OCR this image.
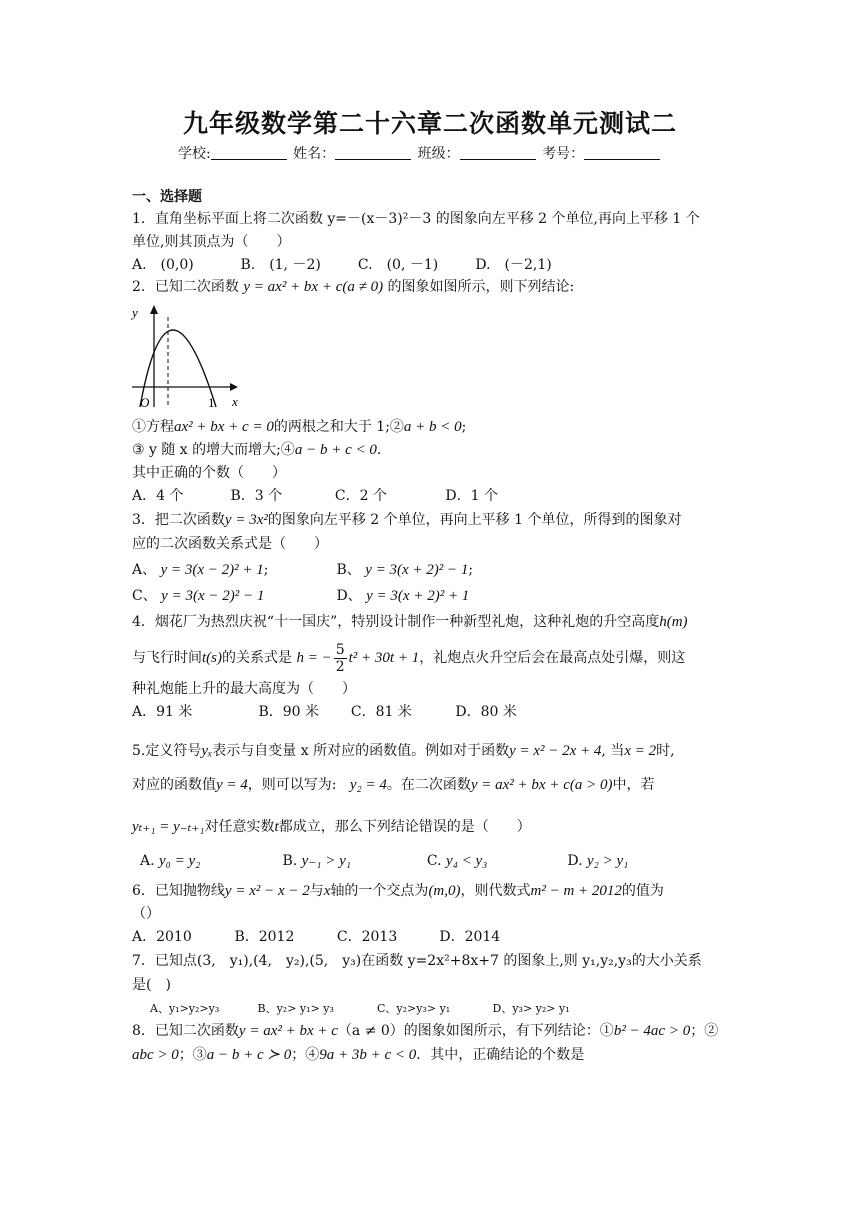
九年级数学第二十六章二次函数单元测试二
学校:	姓名：	班级：	考号：
一、选择题
1．直角坐标平面上将二次函数 y=－(x－3)²－3 的图象向左平移 2 个单位,再向上平移 1 个
单位,则其顶点为（　　）
A.　(0,0)	B.　(1, －2)	C.　(0, －1)	D.　(－2,1)
2．已知二次函数 y = ax² + bx + c(a ≠ 0) 的图象如图所示，则下列结论:
y
x
O	1
①方程ax² + bx + c = 0的两根之和大于 1;②a + b < 0;
③ y 随 x 的增大而增大;④a − b + c < 0.
其中正确的个数（　　）
A．4 个	B．3 个	C．2 个	D．1 个
3．把二次函数y = 3x²的图象向左平移 2 个单位，再向上平移 1 个单位，所得到的图象对
应的二次函数关系式是（　　）
A、 y = 3(x − 2)² + 1;	B、 y = 3(x + 2)² − 1;
C、 y = 3(x − 2)² − 1	D、 y = 3(x + 2)² + 1
4．烟花厂为热烈庆祝“十一国庆”，特别设计制作一种新型礼炮，这种礼炮的升空高度h(m)
与飞行时间t(s)的关系式是 h = − $\frac{5}{2} t^2 + 30t + 1$，礼炮点火升空后会在最高点处引爆，则这
种礼炮能上升的最大高度为（　　）
A．91 米	B．90 米 C．81 米	D．80 米
5.定义符号yₓ表示与自变量 x 所对应的函数值。例如对于函数y = x² − 2x + 4, 当x = 2时,
对应的函数值y = 4，则可以写为: y₂ = 4。在二次函数y = ax² + bx + c(a > 0)中，若
yₜ₊₁ = y₋ₜ₊₁对任意实数t都成立，那么下列结论错误的是（　　）
A. y₀ = y₂	B. y₋₁ > y₁	C. y₄ < y₃	D. y₂ > y₁
6．已知抛物线y = x² − x − 2与x轴的一个交点为(m,0)，则代数式m² − m + 2012的值为
（）
A．2010	B．2012	C．2013	D．2014
7．已知点(3,　y₁),(4,　y₂),(5,　y₃)在函数 y=2x²+8x+7 的图象上,则 y₁,y₂,y₃的大小关系
是(　)
A、y₁>y₂>y₃	B、y₂> y₁> y₃	C、y₂>y₃> y₁	D、y₃> y₂> y₁
8．已知二次函数y = ax² + bx + c（a ≠ 0）的图象如图所示，有下列结论：①b² − 4ac > 0；②
abc > 0；③a − b + c ≻ 0；④9a + 3b + c < 0．其中，正确结论的个数是
